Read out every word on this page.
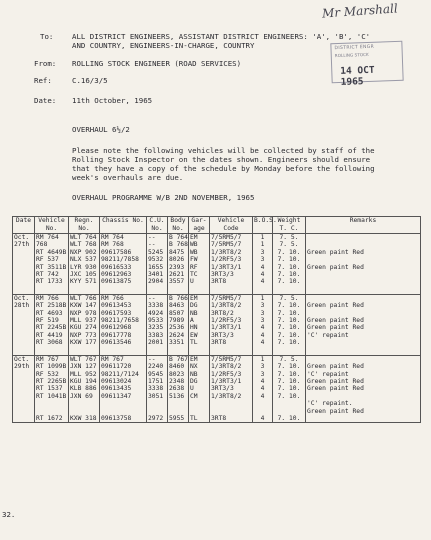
Mr Marshall
DISTRICT ENGR
ROLLING STOCK
14 OCT 1965
To:	ALL DISTRICT ENGINEERS, ASSISTANT DISTRICT ENGINEERS: 'A', 'B', 'C'
AND COUNTRY, ENGINEERS-IN-CHARGE, COUNTRY
From: ROLLING STOCK ENGINEER (ROAD SERVICES)
Ref:	C.16/3/5
Date: 11th October, 1965
OVERHAUL 6½/2
Please note the following vehicles will be collected by staff of the
Rolling Stock Inspector on the dates shown. Engineers should ensure
that they have a copy of the schedule by Monday before the following
week's overhauls are due.
OVERHAUL PROGRAMME W/B 2ND NOVEMBER, 1965
Date	Vehicle No.	Regn. No.	Chassis No.	C.U. No.	Body No.	Gar-age	Vehicle Code	B.O.S.	Weight T. C.	Remarks
Oct.	RM 764	WLT 764	RM 764	--	B 764	EM	7/5RM5/7	1	7. 5.	
27th	768	WLT 768	RM 768	--	B 768	WB	7/5RM5/7	1	7. 5.	
	RT 4649B	NXP 902	09617586	5245	8475	WB	1/3RT8/2	3	7. 10.	Green paint Red
	RF 537	NLX 537	98211/7858	9532	8026	FW	1/2RF5/3	3	7. 10.	
	RT 3511B	LYR 930	09616533	1655	2393	RF	1/3RT3/1	4	7. 10.	Green paint Red
	RT 742	JXC 105	09612963	3401	2621	TC	3RT3/3	4	7. 10.	
	RT 1733	KYY 571	09613875	2904	3557	U	3RT8	4	7. 10.	

Oct.	RM 766	WLT 766	RM 766	--	B 766	EM	7/5RM5/7	1	7. 5.	
28th	RT 2518B	KXW 147	09613453	3338	8463	DG	1/3RT8/2	3	7. 10.	Green paint Red
	RT 4693	NXP 978	09617593	4924	8507	NB	3RT8/2	3	7. 10.	
	RF 519	MLL 937	98211/7658	9533	7989	A	1/2RF5/3	3	7. 10.	Green paint Red
	RT 2245B	KGU 274	09612968	3235	2536	HN	1/3RT3/1	4	7. 10.	Green paint Red
	RT 4419	NXP 773	09617778	3383	2624	EW	3RT3/3	4	7. 10.	'C' repaint
	RT 3068	KXW 177	09613546	2001	3351	TL	3RT8	4	7. 10.	

Oct.	RM 767	WLT 767	RM 767	--	B 767	EM	7/5RM5/7	1	7. 5.	
29th	RT 1099B	JXN 127	09611720	2240	8460	NX	1/3RT8/2	3	7. 10.	Green paint Red
	RF 532	MLL 952	98211/7124	9545	8023	NB	1/2RF5/3	3	7. 10.	'C' repaint
	RT 2265B	KGU 194	09613024	1751	2348	DG	1/3RT3/1	4	7. 10.	Green paint Red
	RT 1537	KLB 886	09613435	3338	2638	U	3RT3/3	4	7. 10.	Green paint Red
	RT 1041B	JXN 69	09611347	3051	5136	CM	1/3RT8/2	4	7. 10.	
										'C' repaint.
										Green paint Red
	RT 1672	KXW 318	09613758	2972	5955	TL	3RT8	4	7. 10.	
32.
